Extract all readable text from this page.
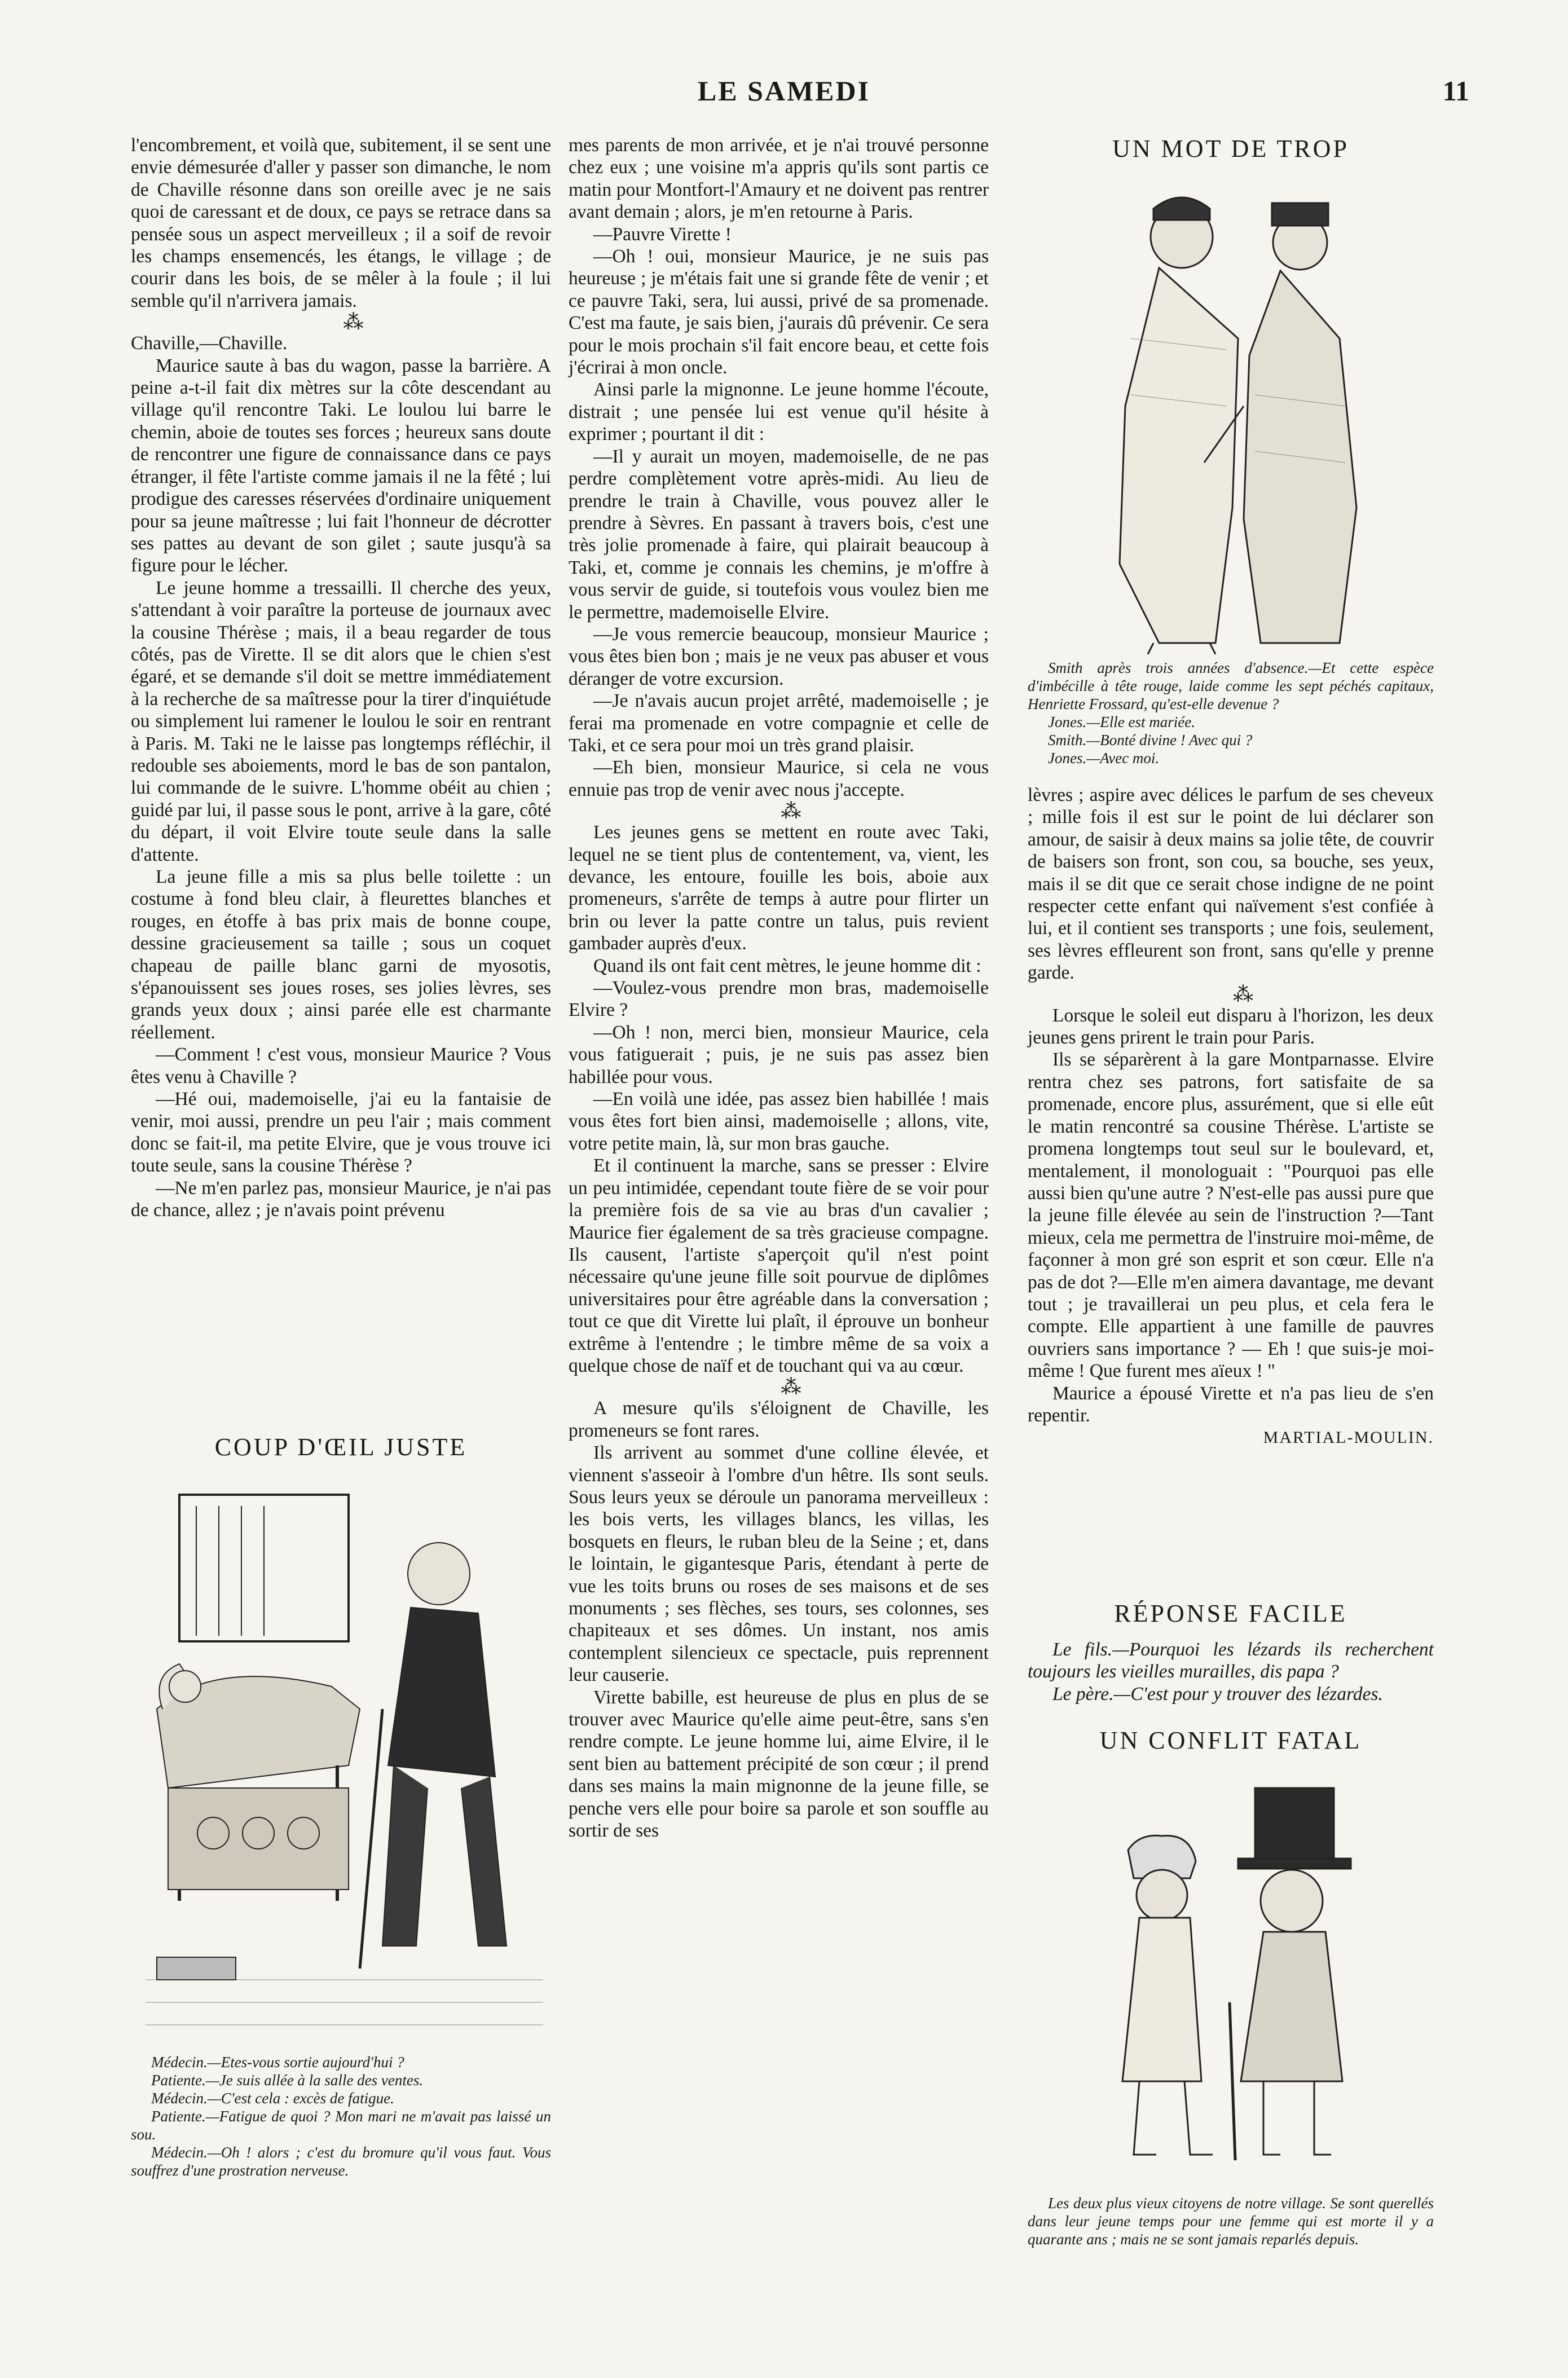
LE SAMEDI	11

l'encombrement, et voilà que, subitement, il se sent une envie démesurée d'aller y passer son dimanche, le nom de Chaville résonne dans son oreille avec je ne sais quoi de caressant et de doux, ce pays se retrace dans sa pensée sous un aspect merveilleux ; il a soif de revoir les champs ensemencés, les étangs, le village ; de courir dans les bois, de se mêler à la foule ; il lui semble qu'il n'arrivera jamais.

⁂

Chaville,—Chaville.

Maurice saute à bas du wagon, passe la barrière. A peine a-t-il fait dix mètres sur la côte descendant au village qu'il rencontre Taki. Le loulou lui barre le chemin, aboie de toutes ses forces ; heureux sans doute de rencontrer une figure de connaissance dans ce pays étranger, il fête l'artiste comme jamais il ne la fêté ; lui prodigue des caresses réservées d'ordinaire uniquement pour sa jeune maîtresse ; lui fait l'honneur de décrotter ses pattes au devant de son gilet ; saute jusqu'à sa figure pour le lécher.

Le jeune homme a tressailli. Il cherche des yeux, s'attendant à voir paraître la porteuse de journaux avec la cousine Thérèse ; mais, il a beau regarder de tous côtés, pas de Virette. Il se dit alors que le chien s'est égaré, et se demande s'il doit se mettre immédiatement à la recherche de sa maîtresse pour la tirer d'inquiétude ou simplement lui ramener le loulou le soir en rentrant à Paris. M. Taki ne le laisse pas longtemps réfléchir, il redouble ses aboiements, mord le bas de son pantalon, lui commande de le suivre. L'homme obéit au chien ; guidé par lui, il passe sous le pont, arrive à la gare, côté du départ, il voit Elvire toute seule dans la salle d'attente.

La jeune fille a mis sa plus belle toilette : un costume à fond bleu clair, à fleurettes blanches et rouges, en étoffe à bas prix mais de bonne coupe, dessine gracieusement sa taille ; sous un coquet chapeau de paille blanc garni de myosotis, s'épanouissent ses joues roses, ses jolies lèvres, ses grands yeux doux ; ainsi parée elle est charmante réellement.

—Comment ! c'est vous, monsieur Maurice ? Vous êtes venu à Chaville ?

—Hé oui, mademoiselle, j'ai eu la fantaisie de venir, moi aussi, prendre un peu l'air ; mais comment donc se fait-il, ma petite Elvire, que je vous trouve ici toute seule, sans la cousine Thérèse ?

—Ne m'en parlez pas, monsieur Maurice, je n'ai pas de chance, allez ; je n'avais point prévenu

COUP D'ŒIL JUSTE

Médecin.—Etes-vous sortie aujourd'hui ?

Patiente.—Je suis allée à la salle des ventes.

Médecin.—C'est cela : excès de fatigue.

Patiente.—Fatigue de quoi ? Mon mari ne m'avait pas laissé un sou.

Médecin.—Oh ! alors ; c'est du bromure qu'il vous faut. Vous souffrez d'une prostration nerveuse.

mes parents de mon arrivée, et je n'ai trouvé personne chez eux ; une voisine m'a appris qu'ils sont partis ce matin pour Montfort-l'Amaury et ne doivent pas rentrer avant demain ; alors, je m'en retourne à Paris.

—Pauvre Virette !

—Oh ! oui, monsieur Maurice, je ne suis pas heureuse ; je m'étais fait une si grande fête de venir ; et ce pauvre Taki, sera, lui aussi, privé de sa promenade. C'est ma faute, je sais bien, j'aurais dû prévenir. Ce sera pour le mois prochain s'il fait encore beau, et cette fois j'écrirai à mon oncle.

Ainsi parle la mignonne. Le jeune homme l'écoute, distrait ; une pensée lui est venue qu'il hésite à exprimer ; pourtant il dit :

—Il y aurait un moyen, mademoiselle, de ne pas perdre complètement votre après-midi. Au lieu de prendre le train à Chaville, vous pouvez aller le prendre à Sèvres. En passant à travers bois, c'est une très jolie promenade à faire, qui plairait beaucoup à Taki, et, comme je connais les chemins, je m'offre à vous servir de guide, si toutefois vous voulez bien me le permettre, mademoiselle Elvire.

—Je vous remercie beaucoup, monsieur Maurice ; vous êtes bien bon ; mais je ne veux pas abuser et vous déranger de votre excursion.

—Je n'avais aucun projet arrêté, mademoiselle ; je ferai ma promenade en votre compagnie et celle de Taki, et ce sera pour moi un très grand plaisir.

—Eh bien, monsieur Maurice, si cela ne vous ennuie pas trop de venir avec nous j'accepte.

⁂

Les jeunes gens se mettent en route avec Taki, lequel ne se tient plus de contentement, va, vient, les devance, les entoure, fouille les bois, aboie aux promeneurs, s'arrête de temps à autre pour flirter un brin ou lever la patte contre un talus, puis revient gambader auprès d'eux.

Quand ils ont fait cent mètres, le jeune homme dit :

—Voulez-vous prendre mon bras, mademoiselle Elvire ?

—Oh ! non, merci bien, monsieur Maurice, cela vous fatiguerait ; puis, je ne suis pas assez bien habillée pour vous.

—En voilà une idée, pas assez bien habillée ! mais vous êtes fort bien ainsi, mademoiselle ; allons, vite, votre petite main, là, sur mon bras gauche.

Et il continuent la marche, sans se presser : Elvire un peu intimidée, cependant toute fière de se voir pour la première fois de sa vie au bras d'un cavalier ; Maurice fier également de sa très gracieuse compagne. Ils causent, l'artiste s'aperçoit qu'il n'est point nécessaire qu'une jeune fille soit pourvue de diplômes universitaires pour être agréable dans la conversation ; tout ce que dit Virette lui plaît, il éprouve un bonheur extrême à l'entendre ; le timbre même de sa voix a quelque chose de naïf et de touchant qui va au cœur.

⁂

A mesure qu'ils s'éloignent de Chaville, les promeneurs se font rares.

Ils arrivent au sommet d'une colline élevée, et viennent s'asseoir à l'ombre d'un hêtre. Ils sont seuls. Sous leurs yeux se déroule un panorama merveilleux : les bois verts, les villages blancs, les villas, les bosquets en fleurs, le ruban bleu de la Seine ; et, dans le lointain, le gigantesque Paris, étendant à perte de vue les toits bruns ou roses de ses maisons et de ses monuments ; ses flèches, ses tours, ses colonnes, ses chapiteaux et ses dômes. Un instant, nos amis contemplent silencieux ce spectacle, puis reprennent leur causerie.

Virette babille, est heureuse de plus en plus de se trouver avec Maurice qu'elle aime peut-être, sans s'en rendre compte. Le jeune homme lui, aime Elvire, il le sent bien au battement précipité de son cœur ; il prend dans ses mains la main mignonne de la jeune fille, se penche vers elle pour boire sa parole et son souffle au sortir de ses

UN MOT DE TROP

Smith après trois années d'absence.—Et cette espèce d'imbécille à tête rouge, laide comme les sept péchés capitaux, Henriette Frossard, qu'est-elle devenue ?

Jones.—Elle est mariée.

Smith.—Bonté divine ! Avec qui ?

Jones.—Avec moi.

lèvres ; aspire avec délices le parfum de ses cheveux ; mille fois il est sur le point de lui déclarer son amour, de saisir à deux mains sa jolie tête, de couvrir de baisers son front, son cou, sa bouche, ses yeux, mais il se dit que ce serait chose indigne de ne point respecter cette enfant qui naïvement s'est confiée à lui, et il contient ses transports ; une fois, seulement, ses lèvres effleurent son front, sans qu'elle y prenne garde.

⁂

Lorsque le soleil eut disparu à l'horizon, les deux jeunes gens prirent le train pour Paris.

Ils se séparèrent à la gare Montparnasse. Elvire rentra chez ses patrons, fort satisfaite de sa promenade, encore plus, assurément, que si elle eût le matin rencontré sa cousine Thérèse. L'artiste se promena longtemps tout seul sur le boulevard, et, mentalement, il monologuait : "Pourquoi pas elle aussi bien qu'une autre ? N'est-elle pas aussi pure que la jeune fille élevée au sein de l'instruction ?—Tant mieux, cela me permettra de l'instruire moi-même, de façonner à mon gré son esprit et son cœur. Elle n'a pas de dot ?—Elle m'en aimera davantage, me devant tout ; je travaillerai un peu plus, et cela fera le compte. Elle appartient à une famille de pauvres ouvriers sans importance ? — Eh ! que suis-je moi-même ! Que furent mes aïeux ! "

Maurice a épousé Virette et n'a pas lieu de s'en repentir.

MARTIAL-MOULIN.

RÉPONSE FACILE

Le fils.—Pourquoi les lézards ils recherchent toujours les vieilles murailles, dis papa ?

Le père.—C'est pour y trouver des lézardes.

UN CONFLIT FATAL

Les deux plus vieux citoyens de notre village. Se sont querellés dans leur jeune temps pour une femme qui est morte il y a quarante ans ; mais ne se sont jamais reparlés depuis.
